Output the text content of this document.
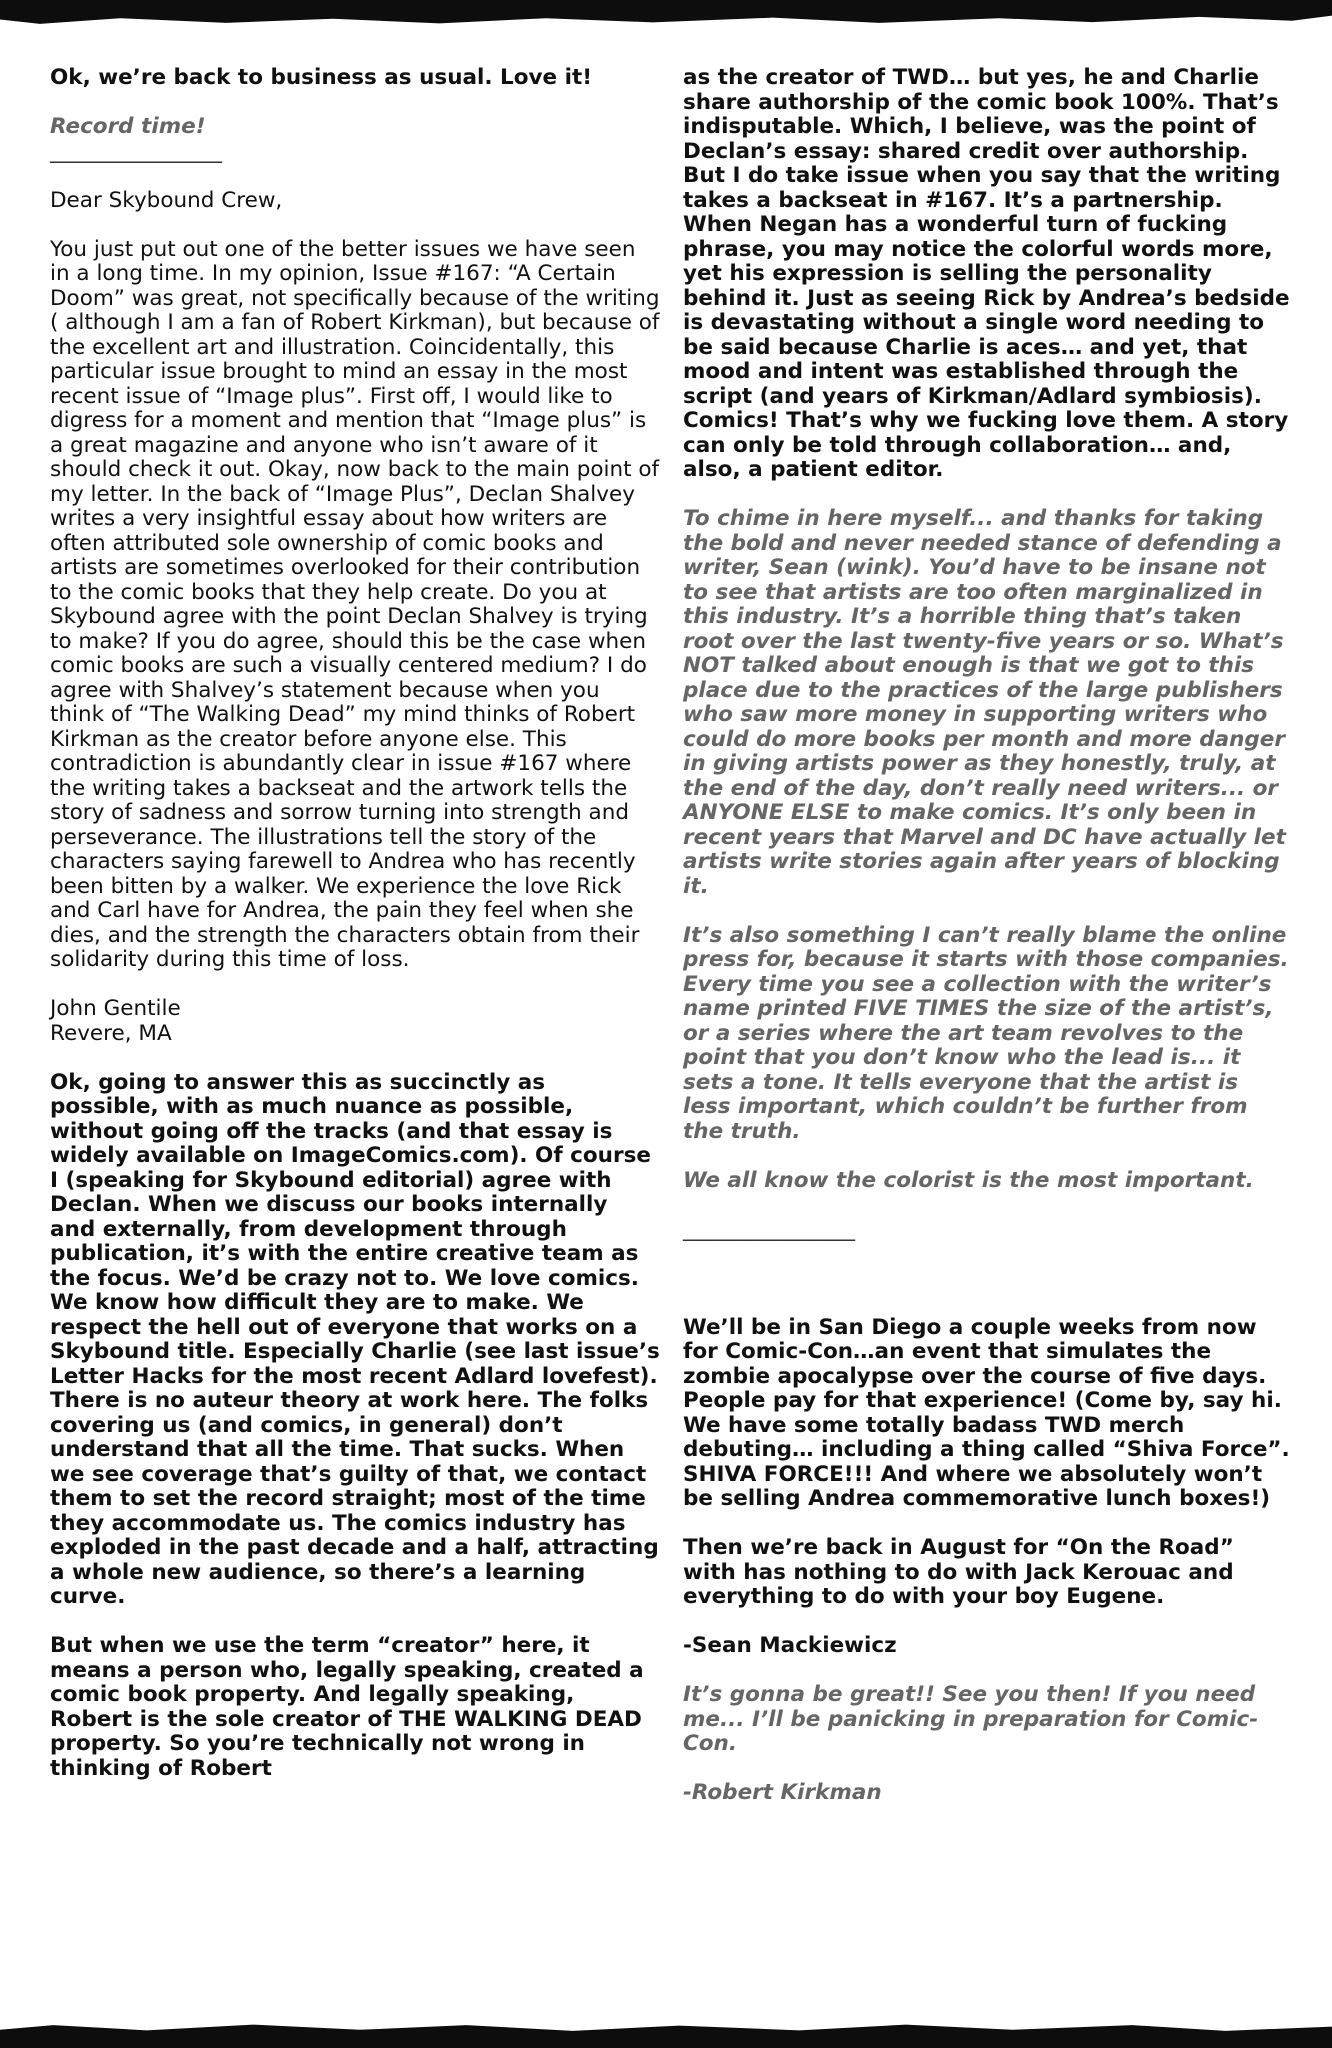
Ok, we’re back to business as usual. Love it!

Record time!

________________

Dear Skybound Crew,

You just put out one of the better issues we have seen in a long time. In my opinion, Issue #167: “A Certain Doom” was great, not specifically because of the writing ( although I am a fan of Robert Kirkman), but because of the excellent art and illustration. Coincidentally, this particular issue brought to mind an essay in the most recent issue of “Image plus”. First off, I would like to digress for a moment and mention that “Image plus” is a great magazine and anyone who isn’t aware of it should check it out. Okay, now back to the main point of my letter. In the back of “Image Plus”, Declan Shalvey writes a very insightful essay about how writers are often attributed sole ownership of comic books and artists are sometimes overlooked for their contribution to the comic books that they help create. Do you at Skybound agree with the point Declan Shalvey is trying to make? If you do agree, should this be the case when comic books are such a visually centered medium? I do agree with Shalvey’s statement because when you think of “The Walking Dead” my mind thinks of Robert Kirkman as the creator before anyone else. This contradiction is abundantly clear in issue #167 where the writing takes a backseat and the artwork tells the story of sadness and sorrow turning into strength and perseverance. The illustrations tell the story of the characters saying farewell to Andrea who has recently been bitten by a walker. We experience the love Rick and Carl have for Andrea, the pain they feel when she dies, and the strength the characters obtain from their solidarity during this time of loss.

John Gentile

Revere, MA

Ok, going to answer this as succinctly as possible, with as much nuance as possible, without going off the tracks (and that essay is widely available on ImageComics.com). Of course I (speaking for Skybound editorial) agree with Declan. When we discuss our books internally and externally, from development through publication, it’s with the entire creative team as the focus. We’d be crazy not to. We love comics. We know how difficult they are to make. We respect the hell out of everyone that works on a Skybound title. Especially Charlie (see last issue’s Letter Hacks for the most recent Adlard lovefest). There is no auteur theory at work here. The folks covering us (and comics, in general) don’t understand that all the time. That sucks. When we see coverage that’s guilty of that, we contact them to set the record straight; most of the time they accommodate us. The comics industry has exploded in the past decade and a half, attracting a whole new audience, so there’s a learning curve.

But when we use the term “creator” here, it means a person who, legally speaking, created a comic book property. And legally speaking, Robert is the sole creator of THE WALKING DEAD property. So you’re technically not wrong in thinking of Robert

as the creator of TWD… but yes, he and Charlie share authorship of the comic book 100%. That’s indisputable. Which, I believe, was the point of Declan’s essay: shared credit over authorship. But I do take issue when you say that the writing takes a backseat in #167. It’s a partnership. When Negan has a wonderful turn of fucking phrase, you may notice the colorful words more, yet his expression is selling the personality behind it. Just as seeing Rick by Andrea’s bedside is devastating without a single word needing to be said because Charlie is aces… and yet, that mood and intent was established through the script (and years of Kirkman/Adlard symbiosis). Comics! That’s why we fucking love them. A story can only be told through collaboration… and, also, a patient editor.

To chime in here myself... and thanks for taking the bold and never needed stance of defending a writer, Sean (wink). You’d have to be insane not to see that artists are too often marginalized in this industry. It’s a horrible thing that’s taken root over the last twenty-five years or so. What’s NOT talked about enough is that we got to this place due to the practices of the large publishers who saw more money in supporting writers who could do more books per month and more danger in giving artists power as they honestly, truly, at the end of the day, don’t really need writers... or ANYONE ELSE to make comics. It’s only been in recent years that Marvel and DC have actually let artists write stories again after years of blocking it.

It’s also something I can’t really blame the online press for, because it starts with those companies. Every time you see a collection with the writer’s name printed FIVE TIMES the size of the artist’s, or a series where the art team revolves to the point that you don’t know who the lead is... it sets a tone. It tells everyone that the artist is less important, which couldn’t be further from the truth.

We all know the colorist is the most important.

________________

We’ll be in San Diego a couple weeks from now for Comic-Con…an event that simulates the zombie apocalypse over the course of five days. People pay for that experience! (Come by, say hi. We have some totally badass TWD merch debuting… including a thing called “Shiva Force”. SHIVA FORCE!!! And where we absolutely won’t be selling Andrea commemorative lunch boxes!)

Then we’re back in August for “On the Road” with has nothing to do with Jack Kerouac and everything to do with your boy Eugene.

-Sean Mackiewicz

It’s gonna be great!! See you then! If you need me... I’ll be panicking in preparation for Comic-Con.

-Robert Kirkman
